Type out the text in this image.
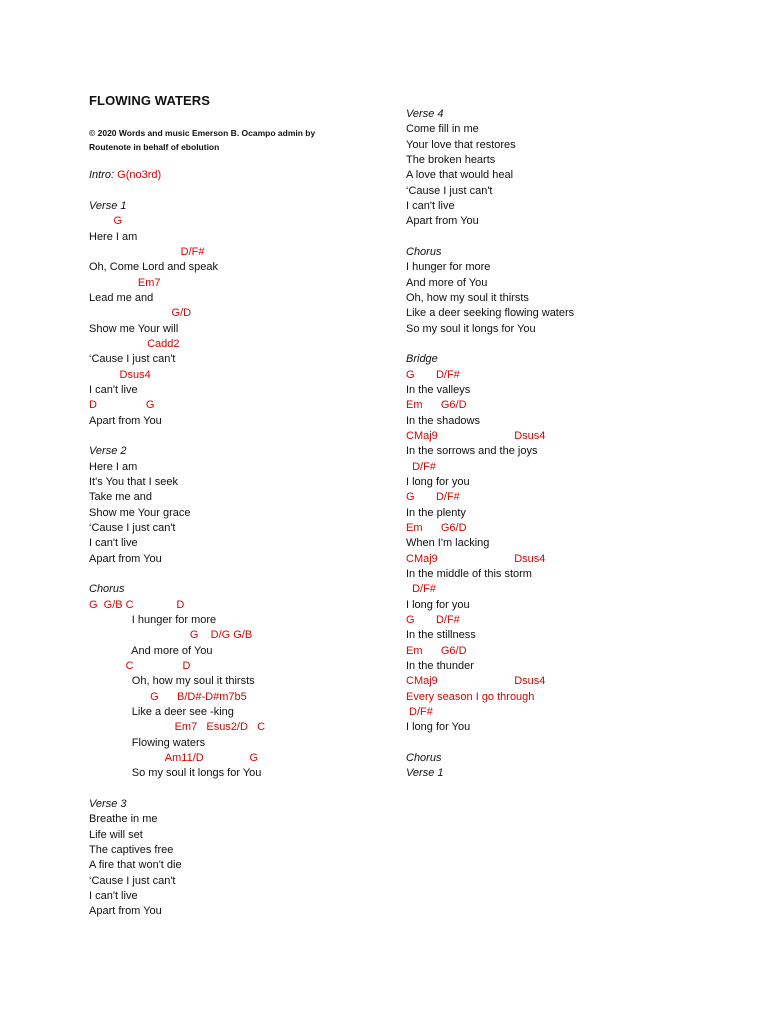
FLOWING WATERS
© 2020 Words and music Emerson B. Ocampo admin by
Routenote in behalf of ebolution
Intro: G(no3rd)
Verse 1
G
Here I am
D/F#
Oh, Come Lord and speak
Em7
Lead me and
G/D
Show me Your will
Cadd2
‘Cause I just can't
Dsus4
I can't live
D                G
Apart from You
Verse 2
Here I am
It's You that I seek
Take me and
Show me Your grace
‘Cause I just can't
I can't live
Apart from You
Chorus
G  G/B C              D
I hunger for more
G    D/G G/B
And more of You
C                D
Oh, how my soul it thirsts
G      B/D#-D#m7b5
Like a deer see -king
Em7   Esus2/D   C
Flowing waters
Am11/D               G
So my soul it longs for You
Verse 3
Breathe in me
Life will set
The captives free
A fire that won't die
‘Cause I just can't
I can't live
Apart from You
Verse 4
Come fill in me
Your love that restores
The broken hearts
A love that would heal
‘Cause I just can't
I can't live
Apart from You
Chorus
I hunger for more
And more of You
Oh, how my soul it thirsts
Like a deer seeking flowing waters
So my soul it longs for You
Bridge
G       D/F#
In the valleys
Em      G6/D
In the shadows
CMaj9                         Dsus4
In the sorrows and the joys
D/F#
I long for you
G       D/F#
In the plenty
Em      G6/D
When I'm lacking
CMaj9                         Dsus4
In the middle of this storm
D/F#
I long for you
G       D/F#
In the stillness
Em      G6/D
In the thunder
CMaj9                         Dsus4
Every season I go through
D/F#
I long for You
Chorus
Verse 1
